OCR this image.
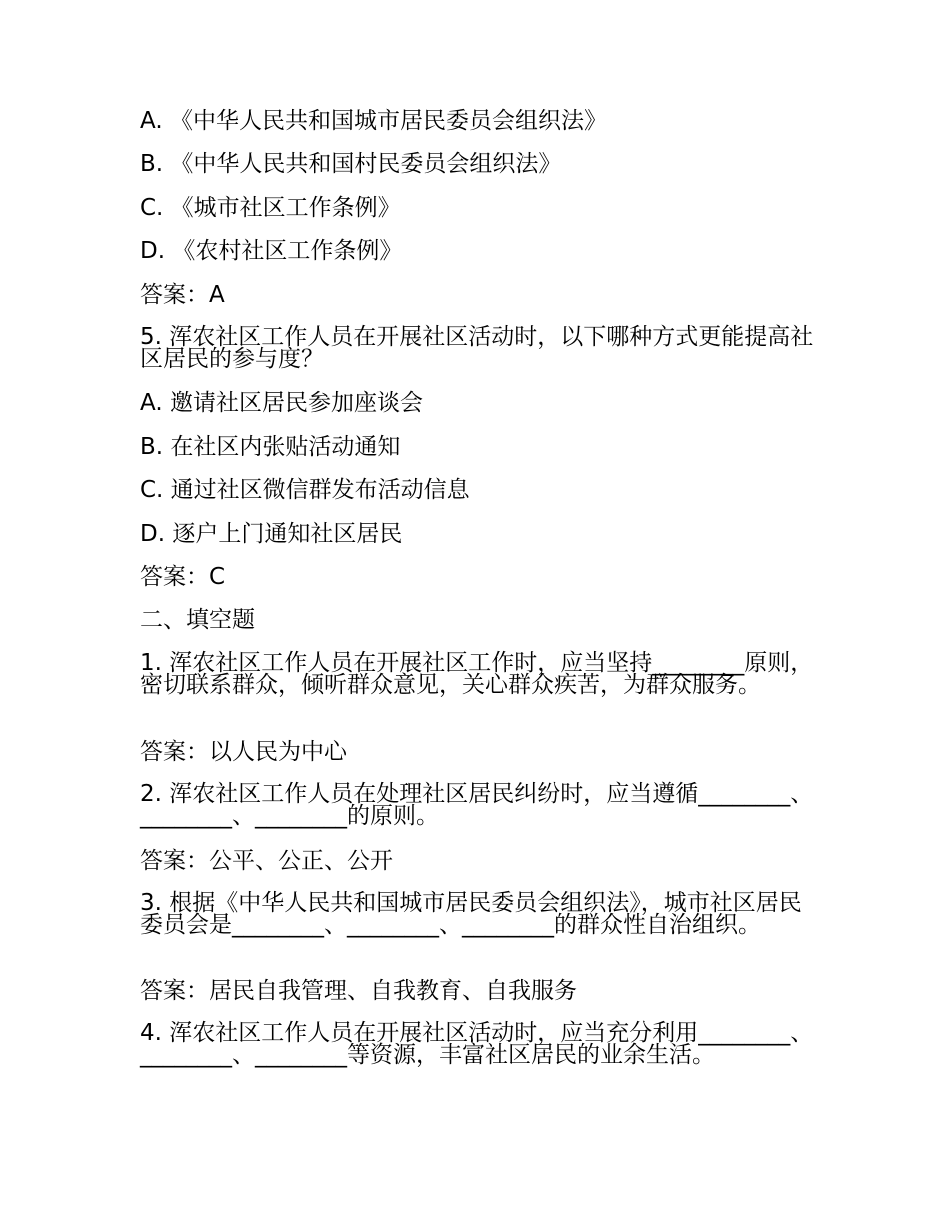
A. 《中华人民共和国城市居民委员会组织法》
B. 《中华人民共和国村民委员会组织法》
C. 《城市社区工作条例》
D. 《农村社区工作条例》
答案：A
5. 浑农社区工作人员在开展社区活动时，以下哪种方式更能提高社区居民的参与度？
A. 邀请社区居民参加座谈会
B. 在社区内张贴活动通知
C. 通过社区微信群发布活动信息
D. 逐户上门通知社区居民
答案：C
二、填空题
1. 浑农社区工作人员在开展社区工作时，应当坚持________原则，密切联系群众，倾听群众意见，关心群众疾苦，为群众服务。
答案：以人民为中心
2. 浑农社区工作人员在处理社区居民纠纷时，应当遵循________、________、________的原则。
答案：公平、公正、公开
3. 根据《中华人民共和国城市居民委员会组织法》，城市社区居民委员会是________、________、________的群众性自治组织。
答案：居民自我管理、自我教育、自我服务
4. 浑农社区工作人员在开展社区活动时，应当充分利用________、________、________等资源，丰富社区居民的业余生活。
